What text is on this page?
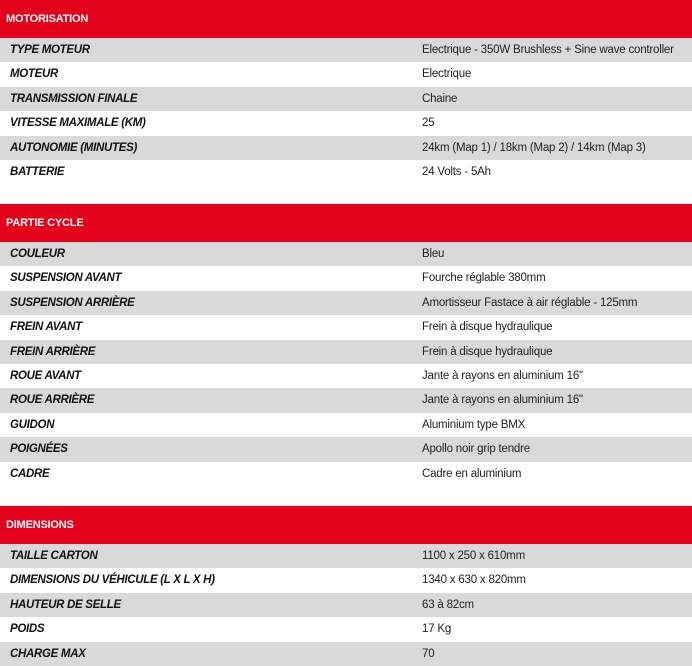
MOTORISATION
TYPE MOTEUR	Electrique - 350W Brushless + Sine wave controller
MOTEUR	Electrique
TRANSMISSION FINALE	Chaine
VITESSE MAXIMALE (KM)	25
AUTONOMIE (MINUTES)	24km (Map 1) / 18km (Map 2) / 14km (Map 3)
BATTERIE	24 Volts - 5Ah
PARTIE CYCLE
COULEUR	Bleu
SUSPENSION AVANT	Fourche réglable 380mm
SUSPENSION ARRIÈRE	Amortisseur Fastace à air réglable - 125mm
FREIN AVANT	Frein à disque hydraulique
FREIN ARRIÈRE	Frein à disque hydraulique
ROUE AVANT	Jante à rayons en aluminium 16"
ROUE ARRIÈRE	Jante à rayons en aluminium 16"
GUIDON	Aluminium type BMX
POIGNÉES	Apollo noir grip tendre
CADRE	Cadre en aluminium
DIMENSIONS
TAILLE CARTON	1100 x 250 x 610mm
DIMENSIONS DU VÉHICULE (L X L X H)	1340 x 630 x 820mm
HAUTEUR DE SELLE	63 à 82cm
POIDS	17 Kg
CHARGE MAX	70
